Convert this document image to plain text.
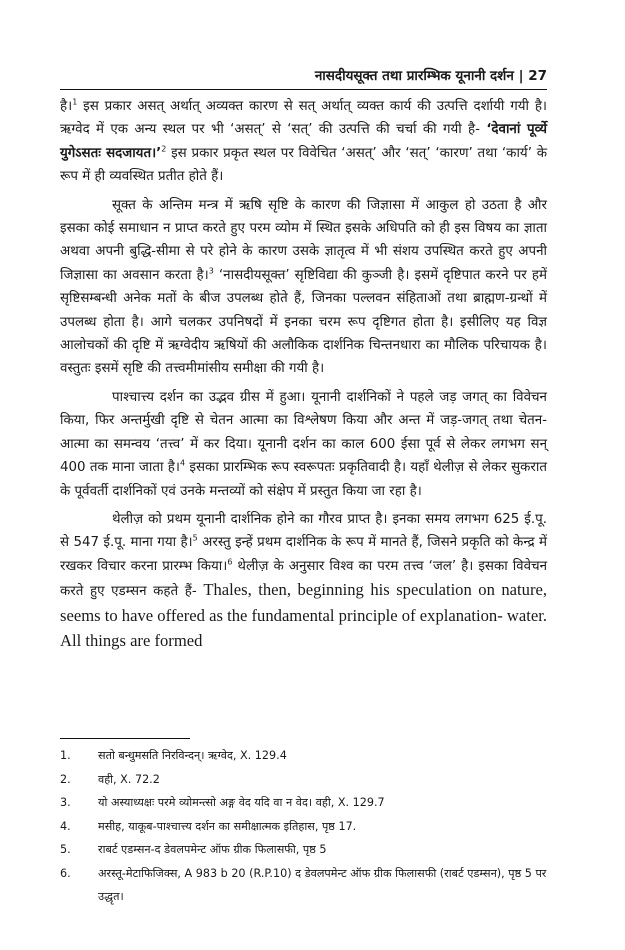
नासदीयसूक्त तथा प्रारम्भिक यूनानी दर्शन | 27

है।$^1$ इस प्रकार असत् अर्थात् अव्यक्त कारण से सत् अर्थात् व्यक्त कार्य की उत्पत्ति दर्शायी गयी है। ऋग्वेद में एक अन्य स्थल पर भी ‘असत्’ से ‘सत्’ की उत्पत्ति की चर्चा की गयी है- ‘देवानां पूर्व्ये युगेऽसतः सदजायत।’$^2$ इस प्रकार प्रकृत स्थल पर विवेचित ‘असत्’ और ‘सत्’ ‘कारण’ तथा ‘कार्य’ के रूप में ही व्यवस्थित प्रतीत होते हैं।

सूक्त के अन्तिम मन्त्र में ऋषि सृष्टि के कारण की जिज्ञासा में आकुल हो उठता है और इसका कोई समाधान न प्राप्त करते हुए परम व्योम में स्थित इसके अधिपति को ही इस विषय का ज्ञाता अथवा अपनी बुद्धि-सीमा से परे होने के कारण उसके ज्ञातृत्व में भी संशय उपस्थित करते हुए अपनी जिज्ञासा का अवसान करता है।$^3$ ‘नासदीयसूक्त’ सृष्टिविद्या की कुञ्जी है। इसमें दृष्टिपात करने पर हमें सृष्टिसम्बन्धी अनेक मतों के बीज उपलब्ध होते हैं, जिनका पल्लवन संहिताओं तथा ब्राह्मण-ग्रन्थों में उपलब्ध होता है। आगे चलकर उपनिषदों में इनका चरम रूप दृष्टिगत होता है। इसीलिए यह विज्ञ आलोचकों की दृष्टि में ऋग्वेदीय ऋषियों की अलौकिक दार्शनिक चिन्तनधारा का मौलिक परिचायक है। वस्तुतः इसमें सृष्टि की तत्त्वमीमांसीय समीक्षा की गयी है।

पाश्चात्त्य दर्शन का उद्भव ग्रीस में हुआ। यूनानी दार्शनिकों ने पहले जड़ जगत् का विवेचन किया, फिर अन्तर्मुखी दृष्टि से चेतन आत्मा का विश्लेषण किया और अन्त में जड़-जगत् तथा चेतन-आत्मा का समन्वय ‘तत्त्व’ में कर दिया। यूनानी दर्शन का काल 600 ईसा पूर्व से लेकर लगभग सन् 400 तक माना जाता है।$^4$ इसका प्रारम्भिक रूप स्वरूपतः प्रकृतिवादी है। यहाँ थेलीज़ से लेकर सुकरात के पूर्ववर्ती दार्शनिकों एवं उनके मन्तव्यों को संक्षेप में प्रस्तुत किया जा रहा है।

थेलीज़ को प्रथम यूनानी दार्शनिक होने का गौरव प्राप्त है। इनका समय लगभग 625 ई.पू. से 547 ई.पू. माना गया है।$^5$ अरस्तु इन्हें प्रथम दार्शनिक के रूप में मानते हैं, जिसने प्रकृति को केन्द्र में रखकर विचार करना प्रारम्भ किया।$^6$ थेलीज़ के अनुसार विश्व का परम तत्त्व ‘जल’ है। इसका विवेचन करते हुए एडम्सन कहते हैं- Thales, then, beginning his speculation on nature, seems to have offered as the fundamental principle of explanation- water. All things are formed

1.	सतो बन्धुमसति निरविन्दन्। ऋग्वेद, X. 129.4
2.	वही, X. 72.2
3.	यो अस्याध्यक्षः परमे व्योमन्त्सो अङ्ग वेद यदि वा न वेद। वही, X. 129.7
4.	मसीह, याकूब-पाश्चात्त्य दर्शन का समीक्षात्मक इतिहास, पृष्ठ 17.
5.	राबर्ट एडम्सन-द डेवलपमेन्ट ऑफ ग्रीक फिलासफी, पृष्ठ 5
6.	अरस्तू-मेटाफिजिक्स, A 983 b 20 (R.P.10) द डेवलपमेन्ट ऑफ ग्रीक फिलासफी (राबर्ट एडम्सन), पृष्ठ 5 पर उद्धृत।
